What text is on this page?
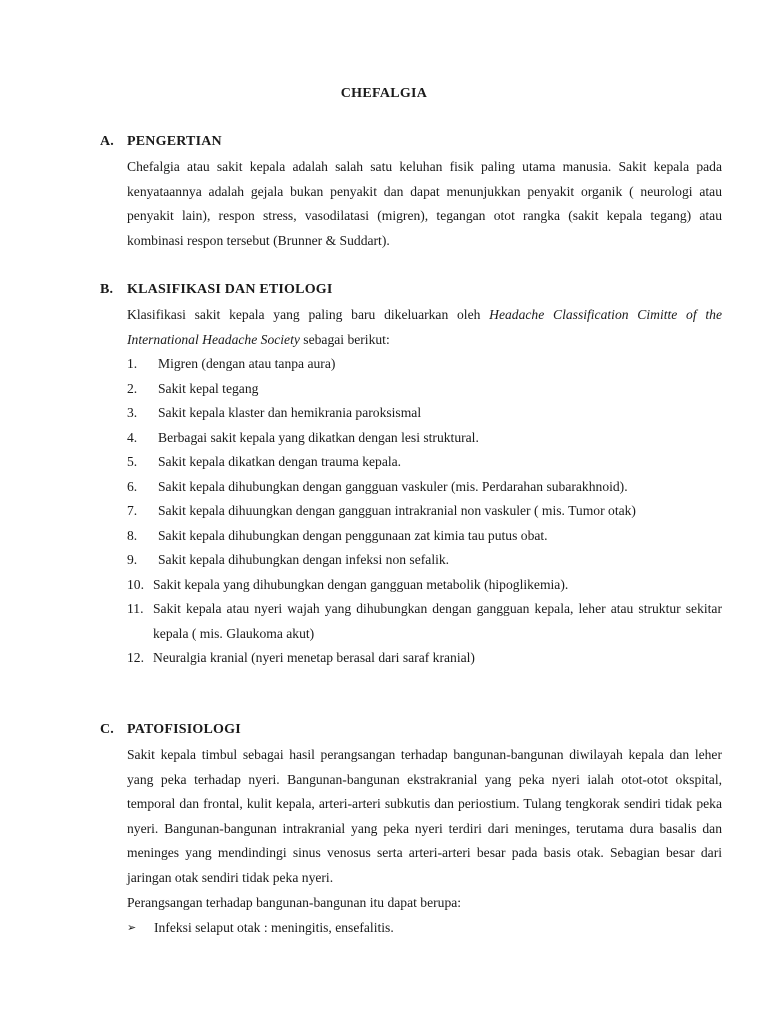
CHEFALGIA
A. PENGERTIAN

Chefalgia atau sakit kepala adalah salah satu keluhan fisik paling utama manusia. Sakit kepala pada kenyataannya adalah gejala bukan penyakit dan dapat menunjukkan penyakit organik ( neurologi atau penyakit lain), respon stress, vasodilatasi (migren), tegangan otot rangka (sakit kepala tegang) atau kombinasi respon tersebut (Brunner & Suddart).

B. KLASIFIKASI DAN ETIOLOGI

Klasifikasi sakit kepala yang paling baru dikeluarkan oleh Headache Classification Cimitte of the International Headache Society sebagai berikut:

1.	Migren (dengan atau tanpa aura)
2.	Sakit kepal tegang
3.	Sakit kepala klaster dan hemikrania paroksismal
4.	Berbagai sakit kepala yang dikatkan dengan lesi struktural.
5.	Sakit kepala dikatkan dengan trauma kepala.
6.	Sakit kepala dihubungkan dengan gangguan vaskuler (mis. Perdarahan subarakhnoid).
7.	Sakit kepala dihuungkan dengan gangguan intrakranial non vaskuler ( mis. Tumor otak)
8.	Sakit kepala dihubungkan dengan penggunaan zat kimia tau putus obat.
9.	Sakit kepala dihubungkan dengan infeksi non sefalik.
10. Sakit kepala yang dihubungkan dengan gangguan metabolik (hipoglikemia).
11. Sakit kepala atau nyeri wajah yang dihubungkan dengan gangguan kepala, leher atau struktur sekitar kepala ( mis. Glaukoma akut)
12. Neuralgia kranial (nyeri menetap berasal dari saraf kranial)
C. PATOFISIOLOGI

Sakit kepala timbul sebagai hasil perangsangan terhadap bangunan-bangunan diwilayah kepala dan leher yang peka terhadap nyeri. Bangunan-bangunan ekstrakranial yang peka nyeri ialah otot-otot okspital, temporal dan frontal, kulit kepala, arteri-arteri subkutis dan periostium. Tulang tengkorak sendiri tidak peka nyeri. Bangunan-bangunan intrakranial yang peka nyeri terdiri dari meninges, terutama dura basalis dan meninges yang mendindingi sinus venosus serta arteri-arteri besar pada basis otak. Sebagian besar dari jaringan otak sendiri tidak peka nyeri.

Perangsangan terhadap bangunan-bangunan itu dapat berupa:

➢	Infeksi selaput otak : meningitis, ensefalitis.
